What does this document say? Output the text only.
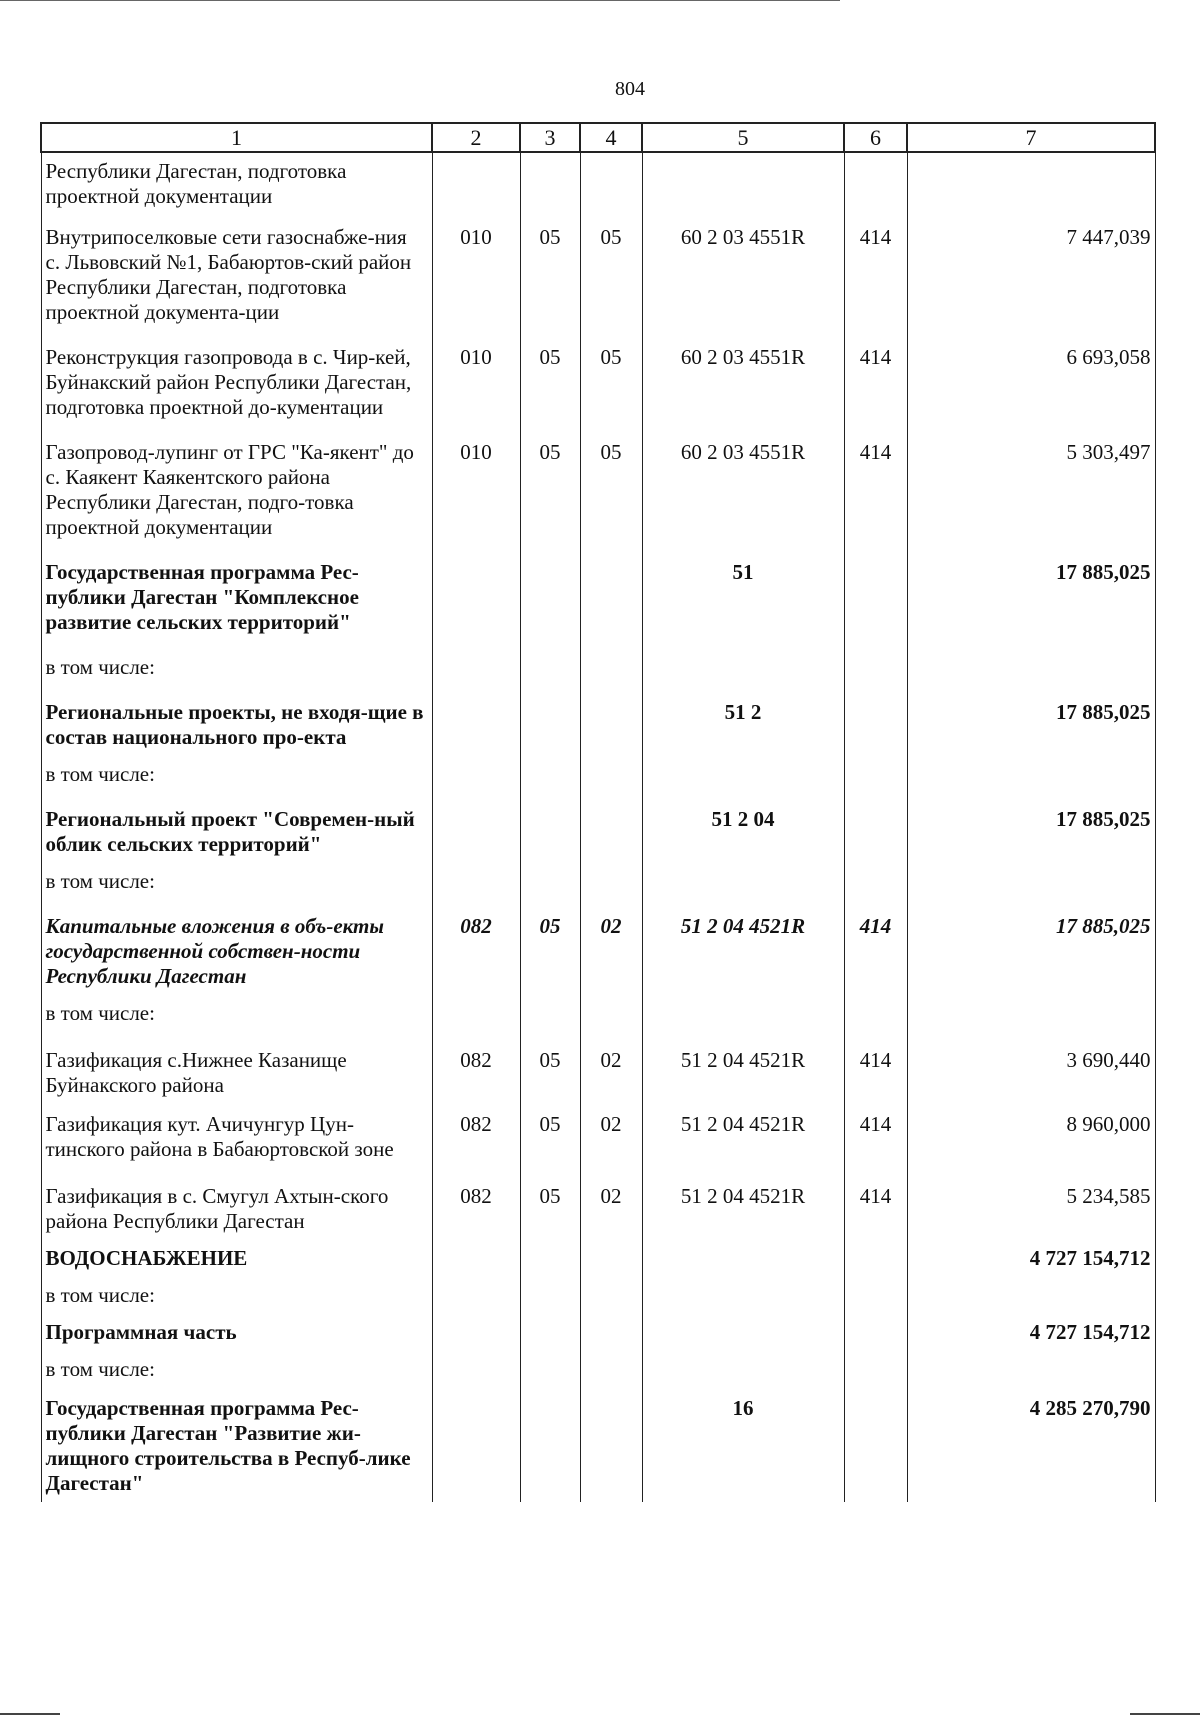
804
1	2	3	4	5	6	7
Республики Дагестан, подготовка проектной документации						
Внутрипоселковые сети газоснабже-ния с. Львовский №1, Бабаюртов-ский район Республики Дагестан, подготовка проектной документа-ции	010	05	05	60 2 03 4551R	414	7 447,039
Реконструкция газопровода в с. Чир-кей, Буйнакский район Республики Дагестан, подготовка проектной до-кументации	010	05	05	60 2 03 4551R	414	6 693,058
Газопровод-лупинг от ГРС "Ка-якент" до с. Каякент Каякентского района Республики Дагестан, подго-товка проектной документации	010	05	05	60 2 03 4551R	414	5 303,497
Государственная программа Рес-публики Дагестан "Комплексное развитие сельских территорий"				51		17 885,025
в том числе:						
Региональные проекты, не входя-щие в состав национального про-екта				51 2		17 885,025
в том числе:						
Региональный проект "Современ-ный облик сельских территорий"				51 2 04		17 885,025
в том числе:						
Капитальные вложения в объ-екты государственной собствен-ности Республики Дагестан	082	05	02	51 2 04 4521R	414	17 885,025
в том числе:						
Газификация с.Нижнее Казанище Буйнакского района	082	05	02	51 2 04 4521R	414	3 690,440
Газификация кут. Ачичунгур Цун-тинского района в Бабаюртовской зоне	082	05	02	51 2 04 4521R	414	8 960,000
Газификация в с. Смугул Ахтын-ского района Республики Дагестан	082	05	02	51 2 04 4521R	414	5 234,585
ВОДОСНАБЖЕНИЕ						4 727 154,712
в том числе:						
Программная часть						4 727 154,712
в том числе:						
Государственная программа Рес-публики Дагестан "Развитие жи-лищного строительства в Респуб-лике Дагестан"				16		4 285 270,790
